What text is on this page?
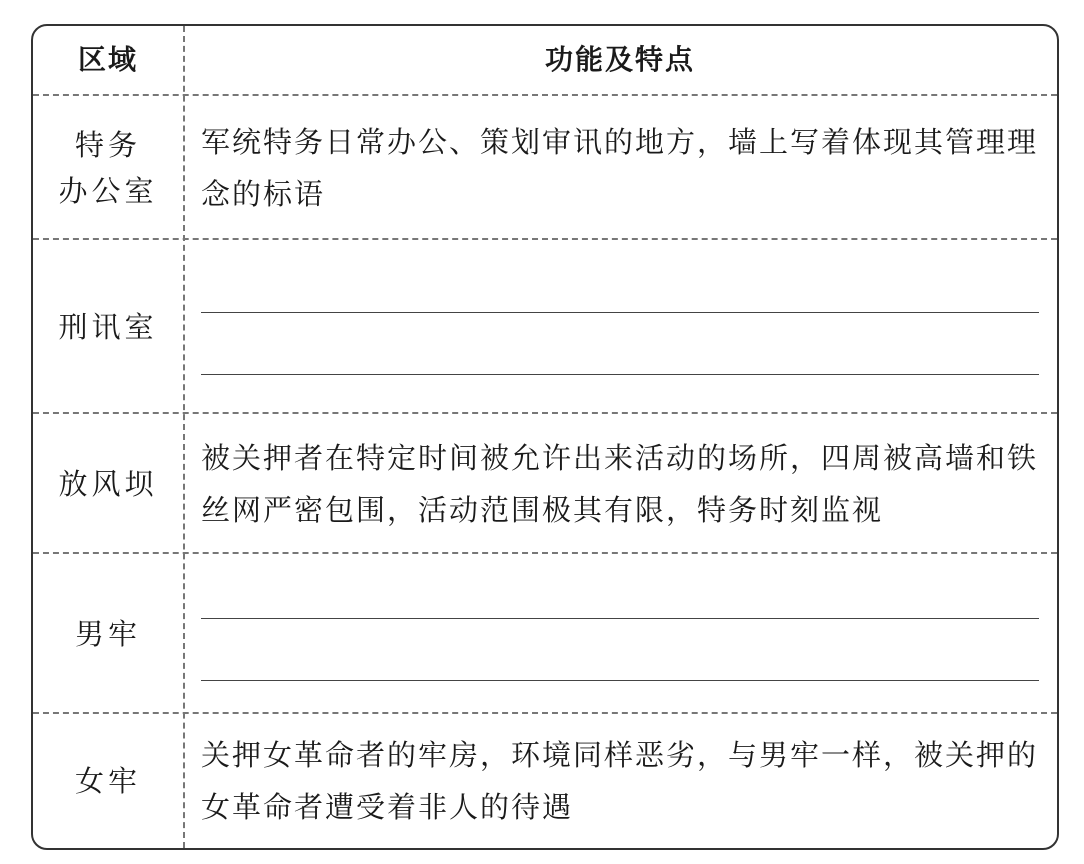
区域	功能及特点
特务
办公室
军统特务日常办公、策划审讯的地方，墙上写着体现其管理理念的标语
刑讯室
放风坝
被关押者在特定时间被允许出来活动的场所，四周被高墙和铁丝网严密包围，活动范围极其有限，特务时刻监视
男牢
女牢
关押女革命者的牢房，环境同样恶劣，与男牢一样，被关押的女革命者遭受着非人的待遇
